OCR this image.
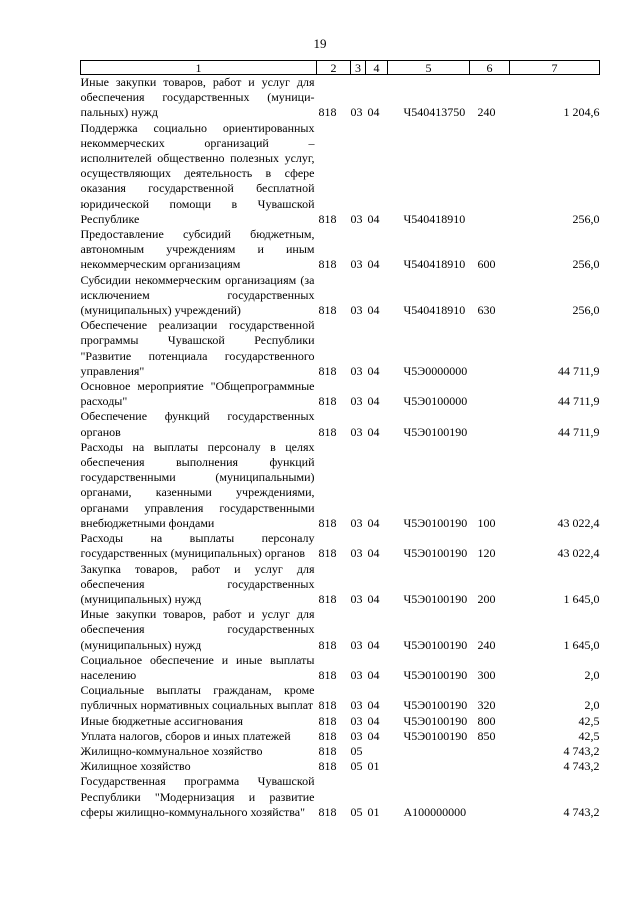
19
1	2	3	4	5	6	7
Иные закупки товаров, работ и услуг для обеспечения государственных (муници-пальных) нужд	818	03	04	Ч540413750	240	1 204,6
Поддержка социально ориентированных некоммерческих организаций – исполнителей общественно полезных услуг, осуществляющих деятельность в сфере оказания государственной бесплатной юридической помощи в Чувашской Республике	818	03	04	Ч540418910		256,0
Предоставление субсидий бюджетным, автономным учреждениям и иным некоммерческим организациям	818	03	04	Ч540418910	600	256,0
Субсидии некоммерческим организациям (за исключением государственных (муниципальных) учреждений)	818	03	04	Ч540418910	630	256,0
Обеспечение реализации государственной программы Чувашской Республики "Развитие потенциала государственного управления"	818	03	04	Ч5Э0000000		44 711,9
Основное мероприятие "Общепрограммные расходы"	818	03	04	Ч5Э0100000		44 711,9
Обеспечение функций государственных органов	818	03	04	Ч5Э0100190		44 711,9
Расходы на выплаты персоналу в целях обеспечения выполнения функций государственными (муниципальными) органами, казенными учреждениями, органами управления государственными внебюджетными фондами	818	03	04	Ч5Э0100190	100	43 022,4
Расходы на выплаты персоналу государственных (муниципальных) органов	818	03	04	Ч5Э0100190	120	43 022,4
Закупка товаров, работ и услуг для обеспечения государственных (муниципальных) нужд	818	03	04	Ч5Э0100190	200	1 645,0
Иные закупки товаров, работ и услуг для обеспечения государственных (муниципальных) нужд	818	03	04	Ч5Э0100190	240	1 645,0
Социальное обеспечение и иные выплаты населению	818	03	04	Ч5Э0100190	300	2,0
Социальные выплаты гражданам, кроме публичных нормативных социальных выплат	818	03	04	Ч5Э0100190	320	2,0
Иные бюджетные ассигнования	818	03	04	Ч5Э0100190	800	42,5
Уплата налогов, сборов и иных платежей	818	03	04	Ч5Э0100190	850	42,5
Жилищно-коммунальное хозяйство	818	05				4 743,2
Жилищное хозяйство	818	05	01			4 743,2
Государственная программа Чувашской Республики "Модернизация и развитие сферы жилищно-коммунального хозяйства"	818	05	01	А100000000		4 743,2
